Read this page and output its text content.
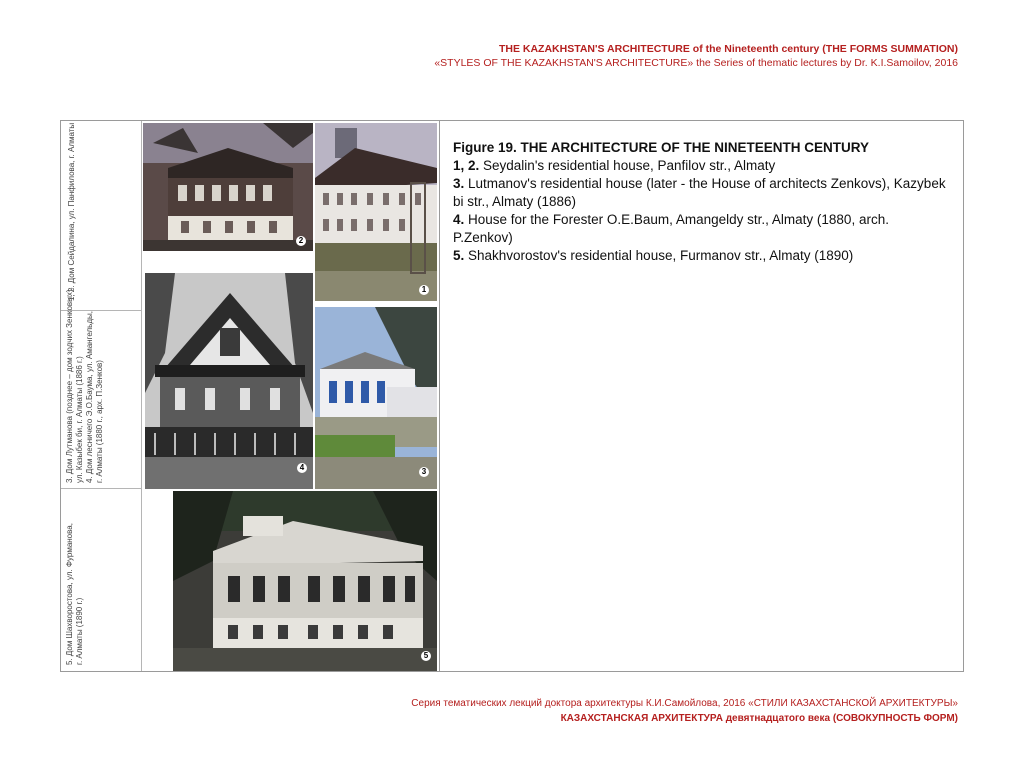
THE KAZAKHSTAN'S ARCHITECTURE of the Nineteenth century (THE FORMS SUMMATION)
«STYLES OF THE KAZAKHSTAN'S ARCHITECTURE» the Series of thematic lectures by Dr. K.I.Samoilov, 2016
1, 2. Дом Сейдалина, ул. Панфилова, г. Алматы
3. Дом Лутманова (позднее – дом зодчих Зенковых), ул. Казыбек би, г. Алматы (1886 г.) 4. Дом лесничего Э.О.Баума, ул. Амангельды, г. Алматы (1880 г., арх. П.Зенков)
5. Дом Шахворостова, ул. Фурманова, г. Алматы (1890 г.)
2
1
4	3
5
Figure 19. THE ARCHITECTURE OF THE NINETEENTH CENTURY
1, 2. Seydalin's residential house, Panfilov str., Almaty
3. Lutmanov's residential house (later - the House of architects Zenkovs), Kazybek bi str., Almaty (1886)
4. House for the Forester O.E.Baum, Amangeldy str., Almaty (1880, arch. P.Zenkov)
5. Shakhvorostov's residential house, Furmanov str., Almaty (1890)
Серия тематических лекций доктора архитектуры К.И.Самойлова, 2016 «СТИЛИ КАЗАХСТАНСКОЙ АРХИТЕКТУРЫ»
КАЗАХСТАНСКАЯ АРХИТЕКТУРА девятнадцатого века (СОВОКУПНОСТЬ ФОРМ)
